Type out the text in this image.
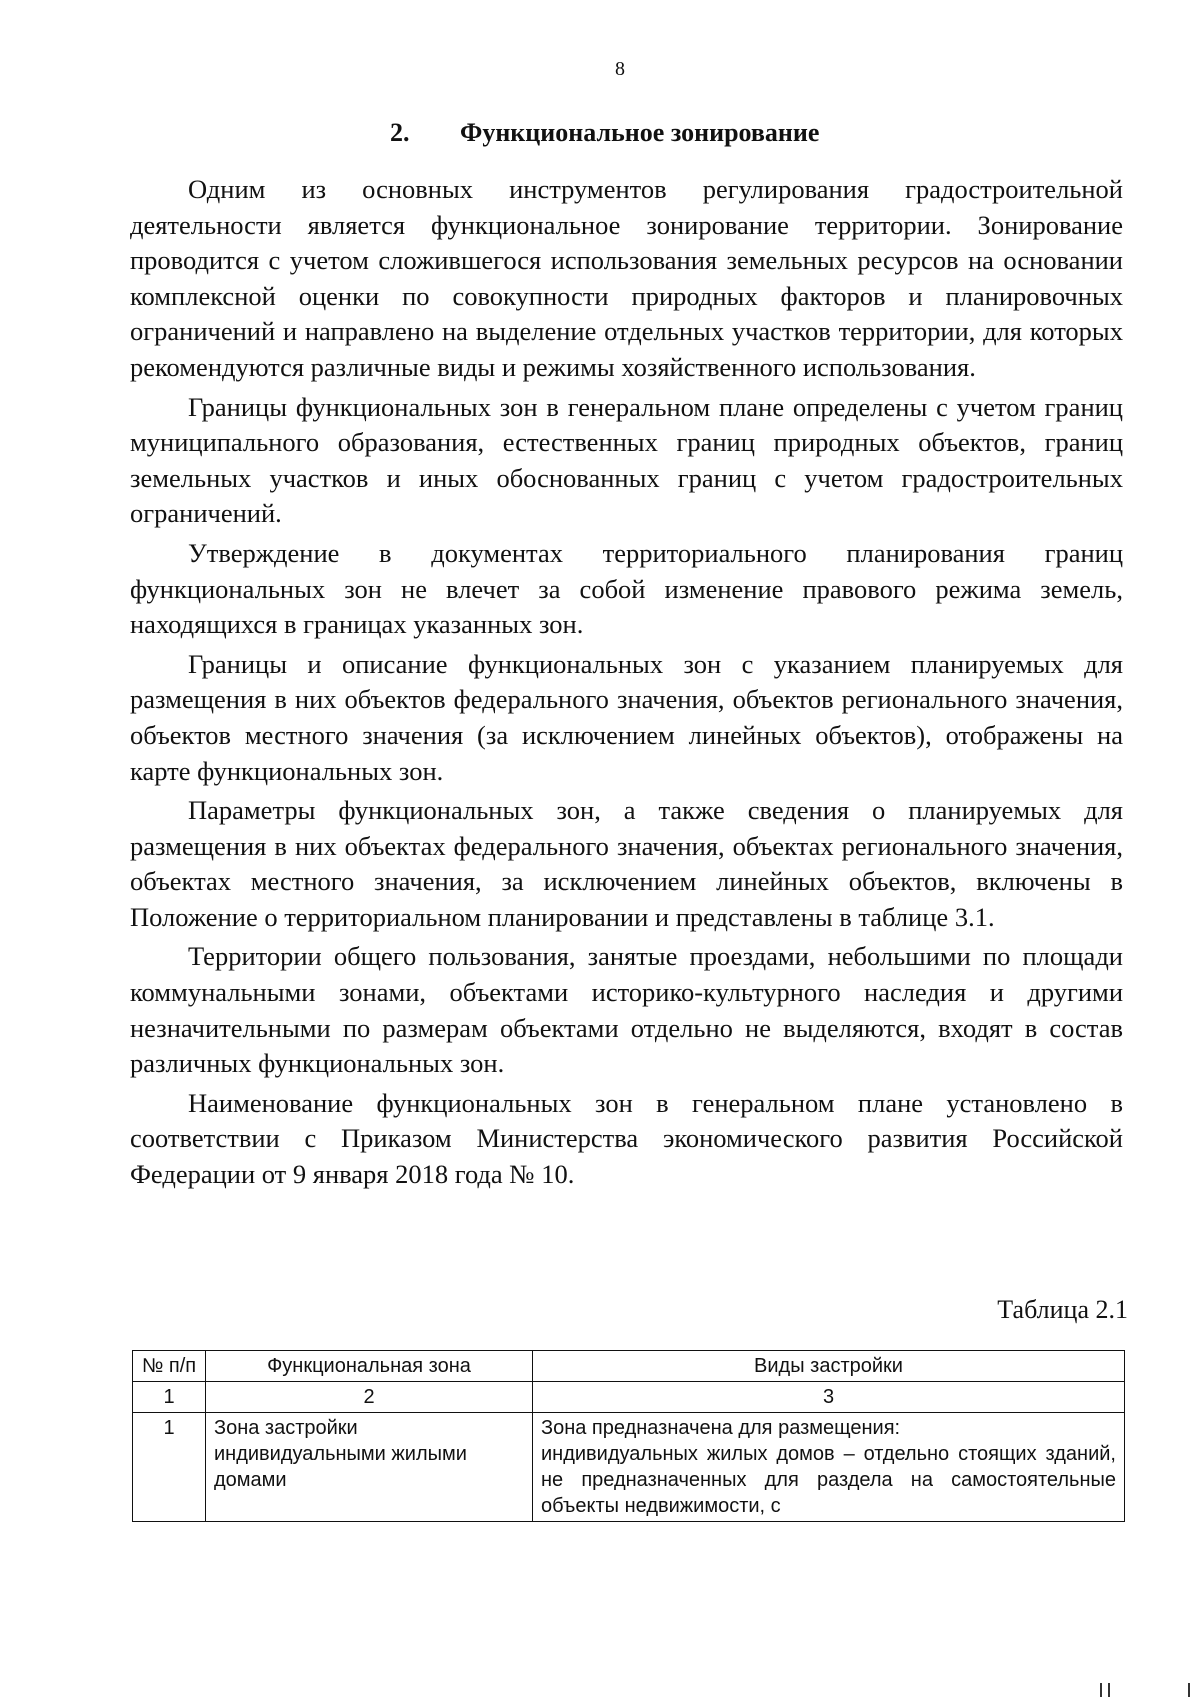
8
2. Функциональное зонирование

Одним из основных инструментов регулирования градостроительной деятельности является функциональное зонирование территории. Зонирование проводится с учетом сложившегося использования земельных ресурсов на основании комплексной оценки по совокупности природных факторов и планировочных ограничений и направлено на выделение отдельных участков территории, для которых рекомендуются различные виды и режимы хозяйственного использования.

Границы функциональных зон в генеральном плане определены с учетом границ муниципального образования, естественных границ природных объектов, границ земельных участков и иных обоснованных границ с учетом градостроительных ограничений.

Утверждение в документах территориального планирования границ функциональных зон не влечет за собой изменение правового режима земель, находящихся в границах указанных зон.

Границы и описание функциональных зон с указанием планируемых для размещения в них объектов федерального значения, объектов регионального значения, объектов местного значения (за исключением линейных объектов), отображены на карте функциональных зон.

Параметры функциональных зон, а также сведения о планируемых для размещения в них объектах федерального значения, объектах регионального значения, объектах местного значения, за исключением линейных объектов, включены в Положение о территориальном планировании и представлены в таблице 3.1.

Территории общего пользования, занятые проездами, небольшими по площади коммунальными зонами, объектами историко-культурного наследия и другими незначительными по размерам объектами отдельно не выделяются, входят в состав различных функциональных зон.

Наименование функциональных зон в генеральном плане установлено в соответствии с Приказом Министерства экономического развития Российской Федерации от 9 января 2018 года № 10.

Таблица 2.1
№ п/п	Функциональная зона	Виды застройки
1	2	3
1	Зона застройки индивидуальными жилыми домами	Зона предназначена для размещения:
индивидуальных жилых домов – отдельно стоящих зданий, не предназначенных для раздела на самостоятельные объекты недвижимости, с
